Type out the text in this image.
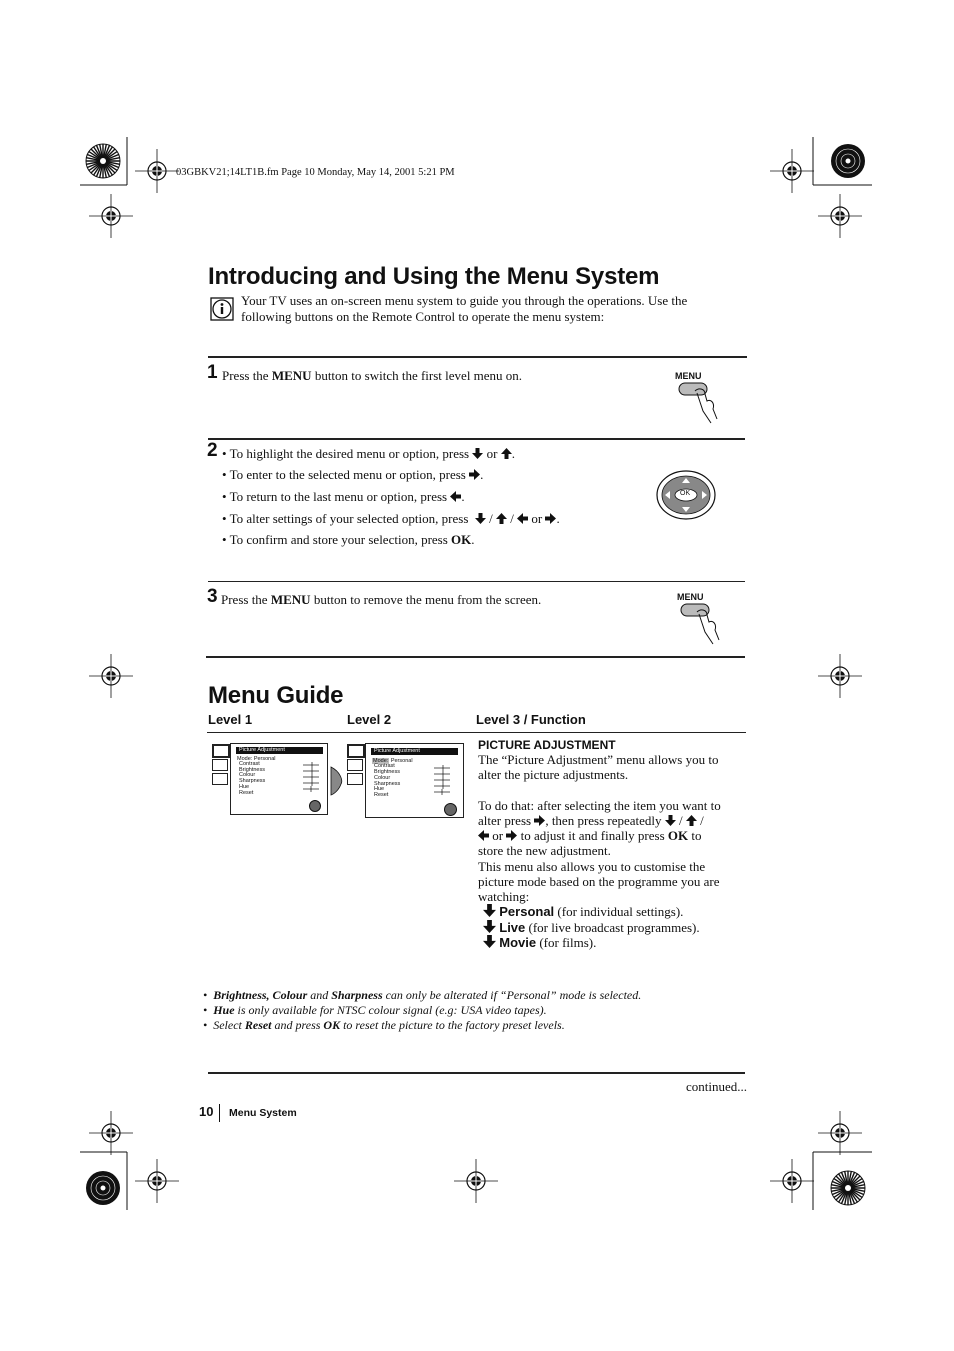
03GBKV21;14LT1B.fm Page 10 Monday, May 14, 2001 5:21 PM
Introducing and Using the Menu System
Your TV uses an on-screen menu system to guide you through the operations. Use the
following buttons on the Remote Control to operate the menu system:
1 Press the MENU button to switch the first level menu on.	MENU
2 • To highlight the desired menu or option, press or .
• To enter to the selected menu or option, press .
• To return to the last menu or option, press .
• To alter settings of your selected option, press / / or .
• To confirm and store your selection, press OK.
OK
3 Press the MENU button to remove the menu from the screen.	MENU
Menu Guide
Level 1	Level 2	Level 3 / Function
Picture Adjustment
Mode: Personal
Contrast
Brightness
Colour
Sharpness
Hue
Reset
Picture Adjustment
Mode: Personal
Contrast
Brightness
Colour
Sharpness
Hue
Reset
PICTURE ADJUSTMENT
The “Picture Adjustment” menu allows you to
alter the picture adjustments.
To do that: after selecting the item you want to
alter press , then press repeatedly  /  /
or to adjust it and finally press OK to
store the new adjustment.
This menu also allows you to customise the
picture mode based on the programme you are
watching:
Personal (for individual settings).
Live (for live broadcast programmes).
Movie (for films).
•  Brightness, Colour and Sharpness can only be alterated if “Personal” mode is selected.
•  Hue is only available for NTSC colour signal (e.g: USA video tapes).
•  Select Reset and press OK to reset the picture to the factory preset levels.
continued...
10 Menu System
